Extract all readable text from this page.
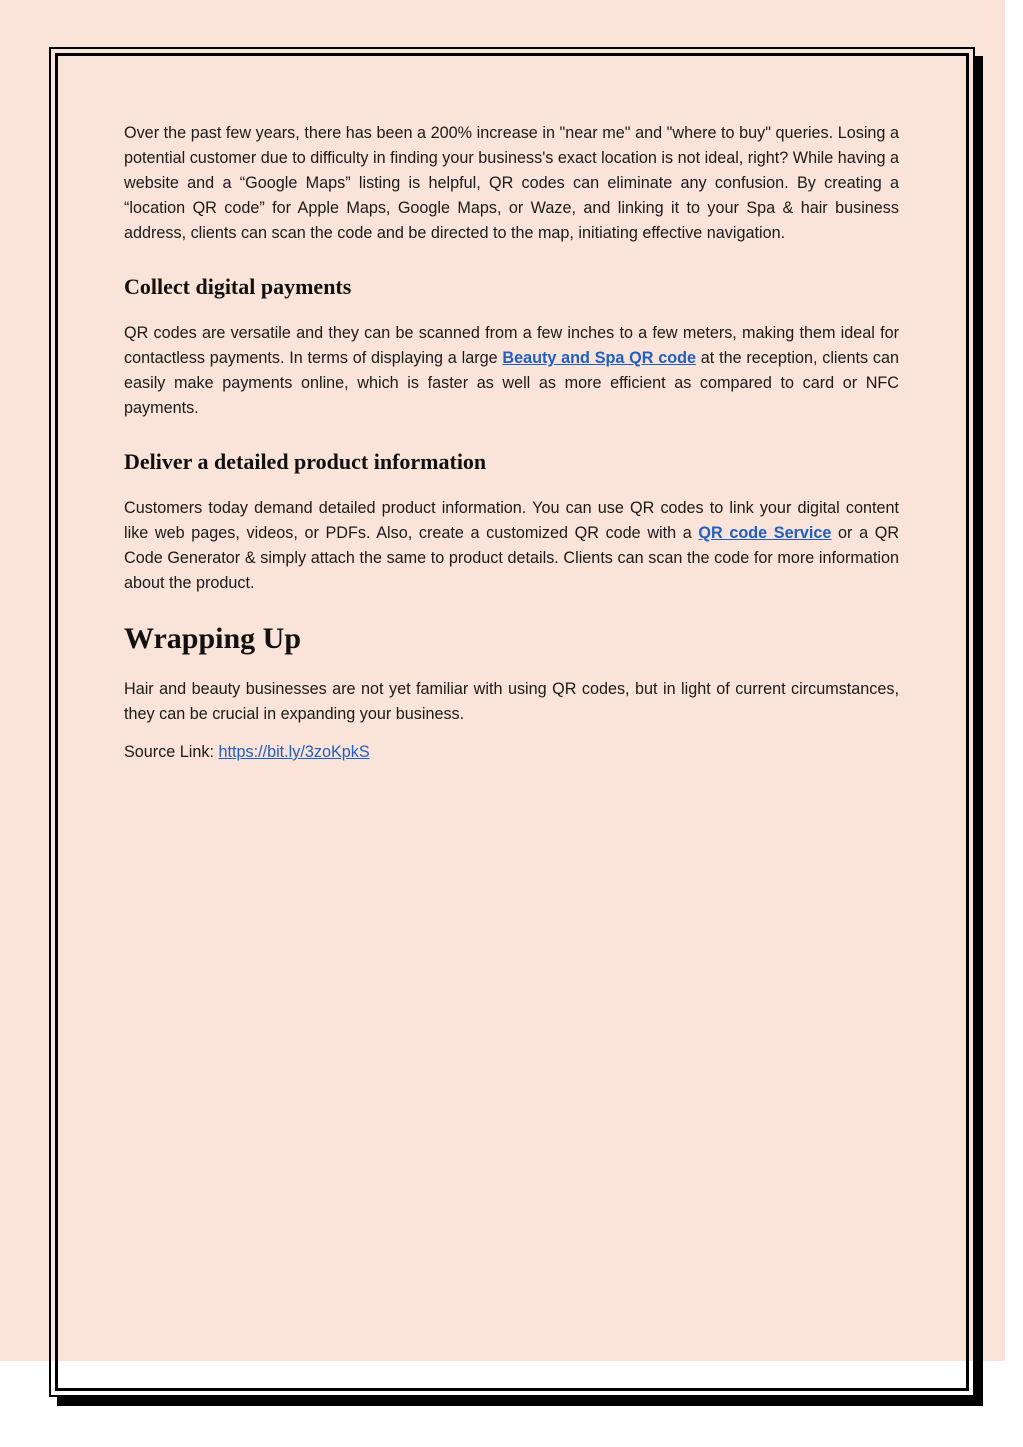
Over the past few years, there has been a 200% increase in "near me" and "where to buy" queries. Losing a potential customer due to difficulty in finding your business's exact location is not ideal, right? While having a website and a “Google Maps” listing is helpful, QR codes can eliminate any confusion. By creating a “location QR code” for Apple Maps, Google Maps, or Waze, and linking it to your Spa & hair business address, clients can scan the code and be directed to the map, initiating effective navigation.

Collect digital payments

QR codes are versatile and they can be scanned from a few inches to a few meters, making them ideal for contactless payments. In terms of displaying a large Beauty and Spa QR code at the reception, clients can easily make payments online, which is faster as well as more efficient as compared to card or NFC payments.

Deliver a detailed product information

Customers today demand detailed product information. You can use QR codes to link your digital content like web pages, videos, or PDFs. Also, create a customized QR code with a QR code Service or a QR Code Generator & simply attach the same to product details. Clients can scan the code for more information about the product.

Wrapping Up

Hair and beauty businesses are not yet familiar with using QR codes, but in light of current circumstances, they can be crucial in expanding your business.

Source Link: https://bit.ly/3zoKpkS
